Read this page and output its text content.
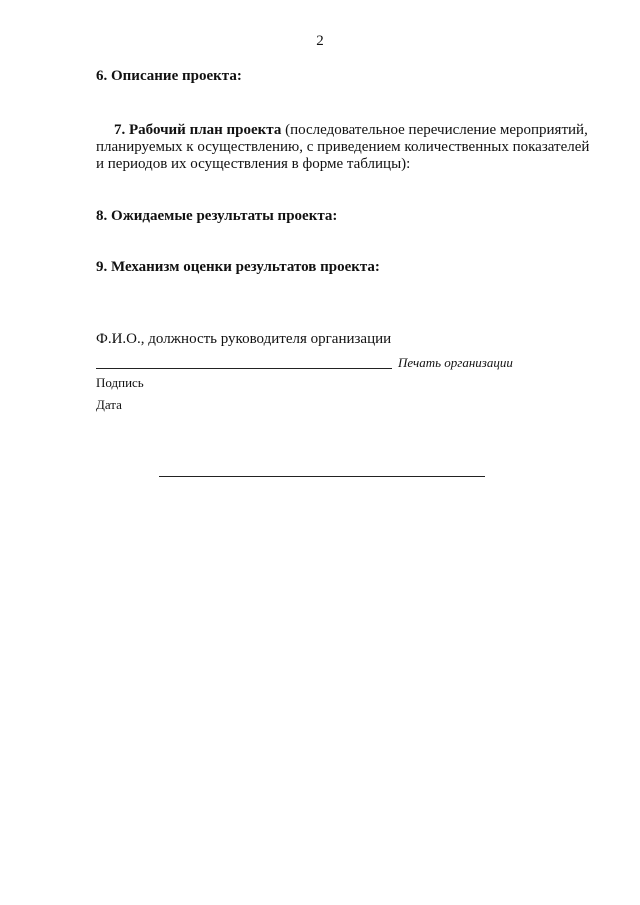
2
6. Описание проекта:
7. Рабочий план проекта (последовательное перечисление мероприятий,
планируемых к осуществлению, с приведением количественных показателей
и периодов их осуществления в форме таблицы):
8. Ожидаемые результаты проекта:
9. Механизм оценки результатов проекта:
Ф.И.О., должность руководителя организации
Печать организации
Подпись
Дата
